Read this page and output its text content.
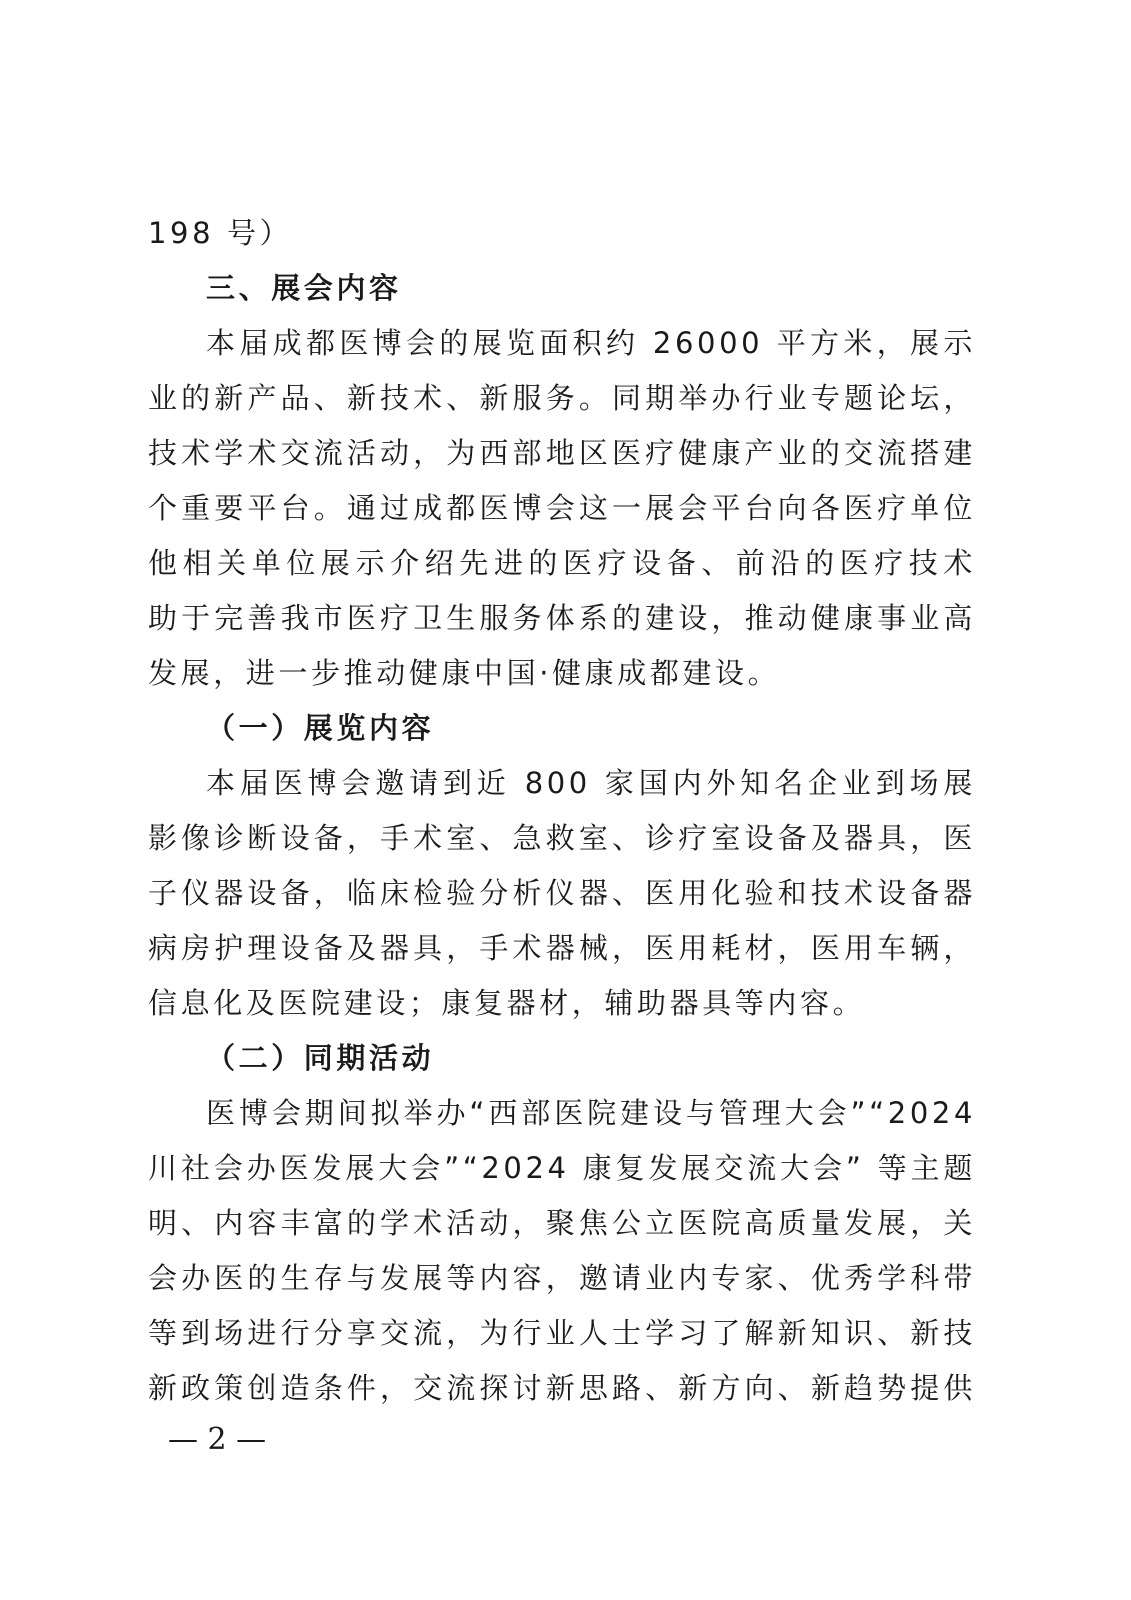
198 号）
三、展会内容
本届成都医博会的展览面积约 26000 平方米，展示
业的新产品、新技术、新服务。同期举办行业专题论坛，
技术学术交流活动，为西部地区医疗健康产业的交流搭建
个重要平台。通过成都医博会这一展会平台向各医疗单位
他相关单位展示介绍先进的医疗设备、前沿的医疗技术
助于完善我市医疗卫生服务体系的建设，推动健康事业高
发展，进一步推动健康中国·健康成都建设。
（一）展览内容
本届医博会邀请到近 800 家国内外知名企业到场展
影像诊断设备，手术室、急救室、诊疗室设备及器具，医
子仪器设备，临床检验分析仪器、医用化验和技术设备器
病房护理设备及器具，手术器械，医用耗材，医用车辆，
信息化及医院建设；康复器材，辅助器具等内容。
（二）同期活动
医博会期间拟举办“西部医院建设与管理大会”“2024
川社会办医发展大会”“2024 康复发展交流大会” 等主题
明、内容丰富的学术活动，聚焦公立医院高质量发展，关
会办医的生存与发展等内容，邀请业内专家、优秀学科带
等到场进行分享交流，为行业人士学习了解新知识、新技
新政策创造条件，交流探讨新思路、新方向、新趋势提供
— 2 —
